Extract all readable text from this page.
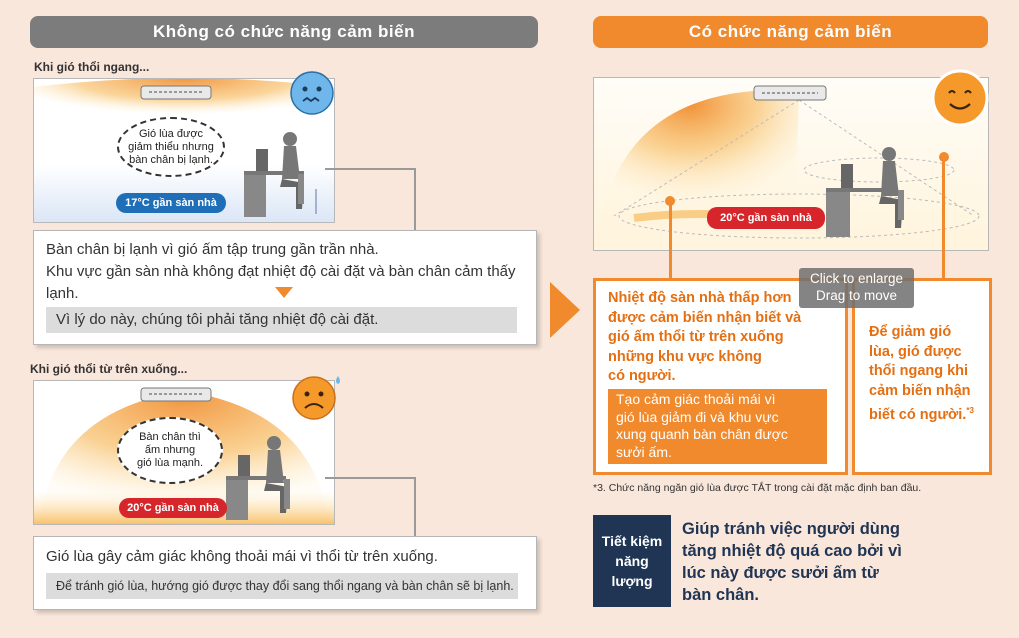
Không có chức năng cảm biến
Khi gió thổi ngang...
Gió lùa được
giảm thiểu nhưng
bàn chân bị lạnh.
17°C gần sàn nhà
Bàn chân bị lạnh vì gió ấm tập trung gần trần nhà.
Khu vực gần sàn nhà không đạt nhiệt độ cài đặt và bàn chân cảm thấy
lạnh.
Vì lý do này, chúng tôi phải tăng nhiệt độ cài đặt.
Khi gió thổi từ trên xuống...
Bàn chân thì
ấm nhưng
gió lùa mạnh.
20°C gần sàn nhà
Gió lùa gây cảm giác không thoải mái vì thổi từ trên xuống.
Để tránh gió lùa, hướng gió được thay đổi sang thổi ngang và bàn chân sẽ bị lạnh.
Có chức năng cảm biến
20°C gần sàn nhà
Nhiệt độ sàn nhà thấp hơn
được cảm biến nhận biết và
gió ấm thổi từ trên xuống
những khu vực không
có người.
Tạo cảm giác thoải mái vì
gió lùa giảm đi và khu vực
xung quanh bàn chân được
sưởi ấm.
Để giảm gió
lùa, gió được
thổi ngang khi
cảm biến nhận
biết có người.$^{*3}$
Click to enlarge
Drag to move
*3. Chức năng ngăn gió lùa được TẮT trong cài đặt mặc định ban đầu.
Tiết kiệm
năng
lượng
Giúp tránh việc người dùng
tăng nhiệt độ quá cao bởi vì
lúc này được sưởi ấm từ
bàn chân.
